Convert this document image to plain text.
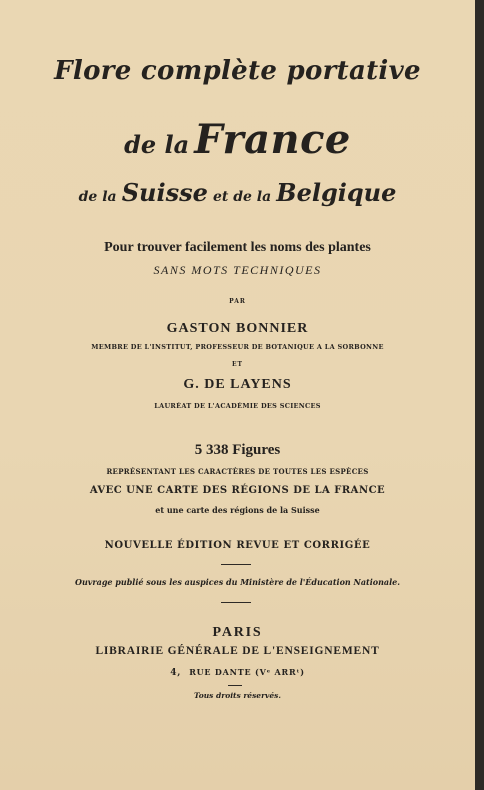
Flore complète portative
de la France
de la Suisse et de la Belgique
Pour trouver facilement les noms des plantes
SANS MOTS TECHNIQUES
PAR
GASTON BONNIER
MEMBRE DE L'INSTITUT, PROFESSEUR DE BOTANIQUE A LA SORBONNE
ET
G. DE LAYENS
LAURÉAT DE L'ACADÉMIE DES SCIENCES
5 338 Figures
REPRÉSENTANT LES CARACTÈRES DE TOUTES LES ESPÈCES
AVEC UNE CARTE DES RÉGIONS DE LA FRANCE
et une carte des régions de la Suisse
NOUVELLE ÉDITION REVUE ET CORRIGÉE
Ouvrage publié sous les auspices du Ministère de l'Éducation Nationale.
PARIS
LIBRAIRIE GÉNÉRALE DE L'ENSEIGNEMENT
4, RUE DANTE (Vᵉ ARRᵗ)
Tous droits réservés.
